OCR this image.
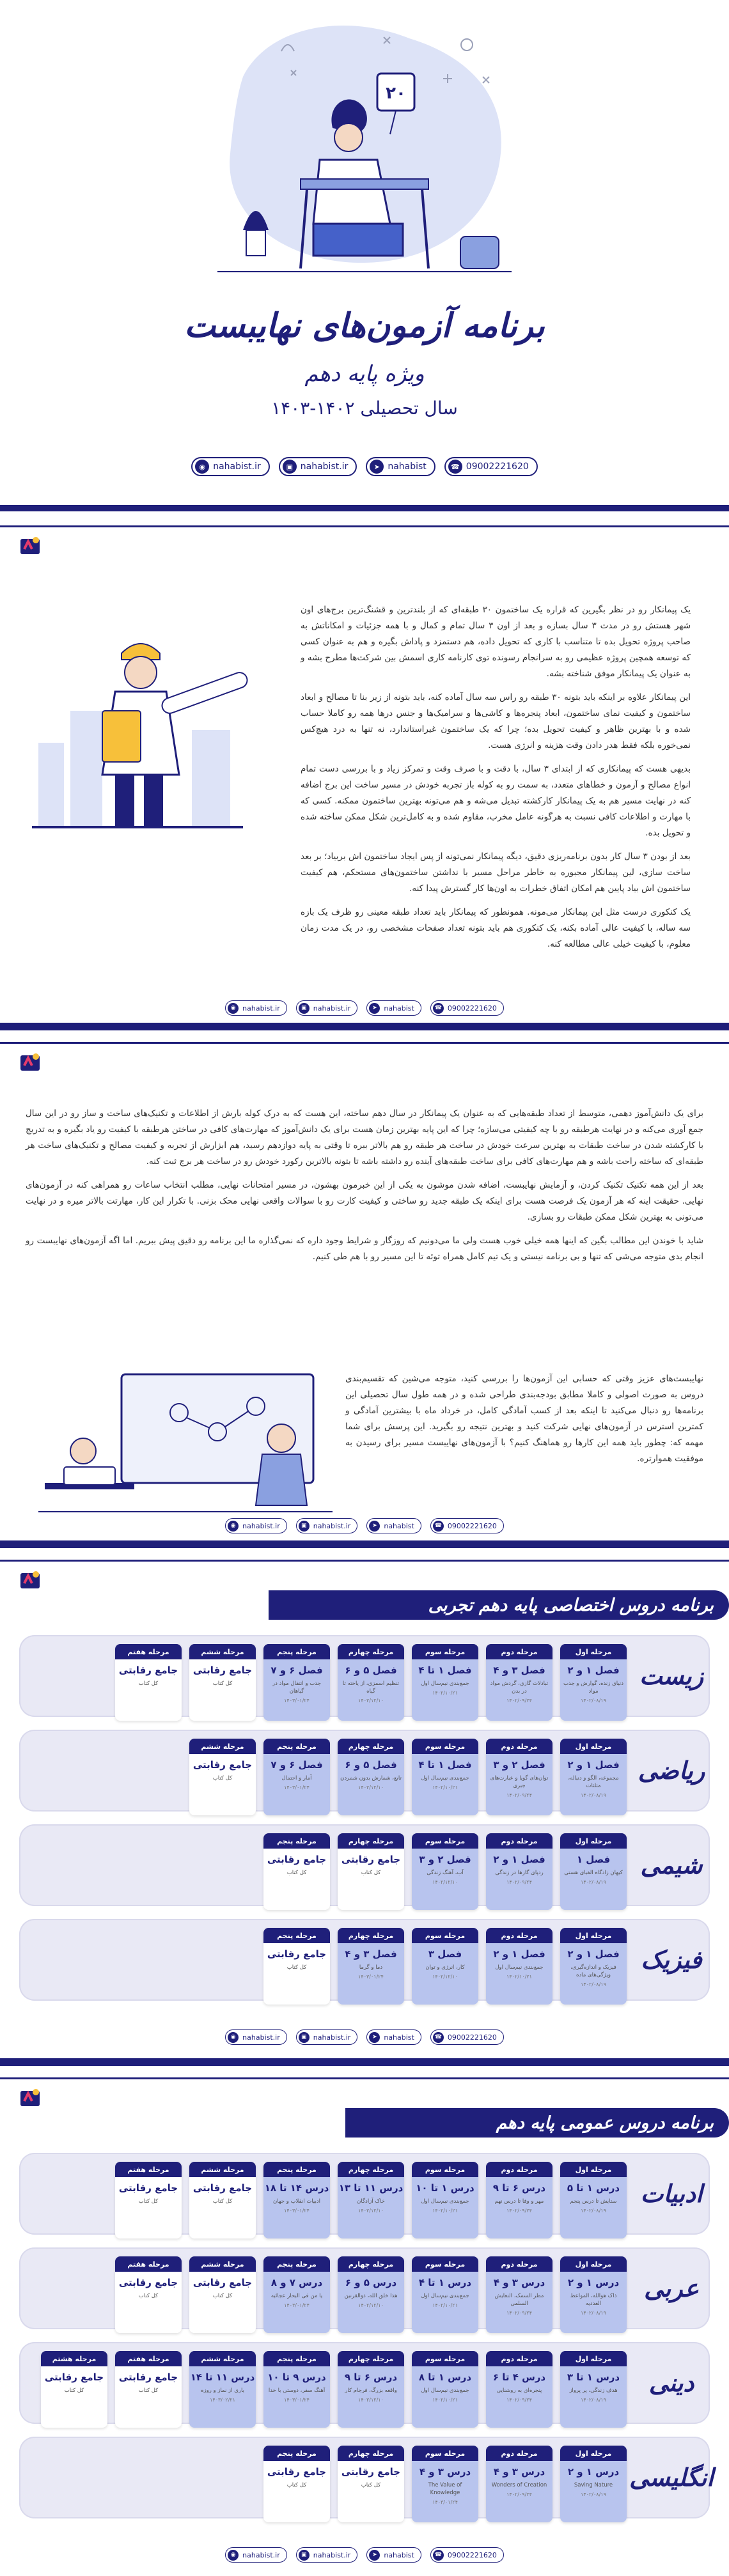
۲۰
برنامه آزمون‌های نهایبست
ویژه پایه دهم
سال تحصیلی ۱۴۰۲-۱۴۰۳
◉ nahabist.ir	▣ nahabist.ir	➤ nahabist	☎ 09002221620

یک پیمانکار رو در نظر بگیرین که قراره یک ساختمون ۳۰ طبقه‌ای که از بلندترین و قشنگ‌ترین برج‌های اون شهر هستش رو در مدت ۳ سال بسازه و بعد از اون ۳ سال تمام و کمال و با همه جزئیات و امکاناتش به صاحب پروژه تحویل بده تا متناسب با کاری که تحویل داده، هم دستمزد و پاداش بگیره و هم به عنوان کسی که توسعه همچین پروژه عظیمی رو به سرانجام رسونده توی کارنامه کاری اسمش بین شرکت‌ها مطرح بشه و به عنوان یک پیمانکار موفق شناخته بشه.

این پیمانکار علاوه بر اینکه باید بتونه ۳۰ طبقه رو راس سه سال آماده کنه، باید بتونه از زیر بنا تا مصالح و ابعاد ساختمون و کیفیت نمای ساختمون، ابعاد پنجره‌ها و کاشی‌ها و سرامیک‌ها و جنس درها همه رو کاملا حساب شده و با بهترین ظاهر و کیفیت تحویل بده؛ چرا که یک ساختمون غیراستاندارد، نه تنها به درد هیچ‌کس نمی‌خوره بلکه فقط هدر دادن وقت هزینه و انرژی هست.

بدیهی هست که پیمانکاری که از ابتدای ۳ سال، با دقت و با صرف وقت و تمرکز زیاد و با بررسی دست تمام انواع مصالح و آزمون و خطاهای متعدد، به سمت رو به کوله باز تجربه خودش در مسیر ساخت این برج اضافه کنه در نهایت مسیر هم به یک پیمانکار کارکشته تبدیل می‌شه و هم می‌تونه بهترین ساختمون ممکنه. کسی که با مهارت و اطلاعات کافی نسبت به هرگونه عامل مخرب، مقاوم شده و به کامل‌ترین شکل ممکن ساخته شده و تحویل بده.

بعد از بودن ۳ سال کار بدون برنامه‌ریزی دقیق، دیگه پیمانکار نمی‌تونه از پس ایجاد ساختمون اش بربیاد؛ بر بعد ساخت سازی، لین پیمانکار مجبوره به خاطر مراحل مسیر با نداشتن ساختمون‌های مستحکم، هم کیفیت ساختمون اش بیاد پایین هم امکان اتفاق خطرات به اون‌ها کار گسترش پیدا کنه.

یک کنکوری درست مثل این پیمانکار می‌مونه. همونطور که پیمانکار باید تعداد طبقه معینی رو ظرف یک بازه سه ساله، با کیفیت عالی آماده بکنه، یک کنکوری هم باید بتونه تعداد صفحات مشخصی رو، در یک مدت زمان معلوم، با کیفیت خیلی عالی مطالعه کنه.

◉ nahabist.ir	▣ nahabist.ir	➤ nahabist	☎ 09002221620

برای یک دانش‌آموز دهمی، متوسط از تعداد طبقه‌هایی که به عنوان یک پیمانکار در سال دهم ساخته، این هست که به درک کوله بارش از اطلاعات و تکنیک‌های ساخت و ساز رو در این سال جمع آوری می‌کنه و در نهایت هرطبقه رو با چه کیفیتی می‌سازه؛ چرا که این پایه بهترین زمان هست برای یک دانش‌آموز که مهارت‌های کافی در ساختن هرطبقه با کیفیت رو یاد بگیره و به تدریج با کارکشته شدن در ساخت طبقات به بهترین سرعت خودش در ساخت هر طبقه رو هم بالاتر ببره تا وقتی به پایه دوازدهم رسید، هم ابزارش از تجربه و کیفیت مصالح و تکنیک‌های ساخت هر طبقه‌ای که ساخته راحت باشه و هم مهارت‌های کافی برای ساخت طبقه‌های آینده رو داشته باشه تا بتونه بالاترین رکورد خودش رو در ساخت هر برج ثبت کنه.

بعد از این همه تکنیک تکنیک کردن، و آزمایش نهایبست، اضافه شدن موشون به یکی از این خبرمون بهشون، در مسیر امتحانات نهایی، مطلب انتخاب ساعات رو همراهی کنه در آزمون‌های نهایی. حقیقت اینه که هر آزمون یک فرصت هست برای اینکه یک طبقه جدید رو ساختی و کیفیت کارت رو با سوالات واقعی نهایی محک بزنی. با تکرار این کار، مهارتت بالاتر میره و در نهایت می‌تونی به بهترین شکل ممکن طبقات رو بسازی.

شاید با خوندن این مطالب بگین که اینها همه خیلی خوب هست ولی ما می‌دونیم که روزگار و شرایط وجود داره که نمی‌گذاره ما این برنامه رو دقیق پیش ببریم. اما اگه آزمون‌های نهایبست رو انجام بدی متوجه می‌شی که تنها و بی برنامه نیستی و یک تیم کامل همراه توئه تا این مسیر رو با هم طی کنیم.

نهایبست‌های عزیز وقتی که حسابی این آزمون‌ها را بررسی کنید، متوجه می‌شین که تقسیم‌بندی دروس به صورت اصولی و کاملا مطابق بودجه‌بندی طراحی شده و در همه طول سال تحصیلی این برنامه‌ها رو دنبال می‌کنید تا اینکه بعد از کسب آمادگی کامل، در خرداد ماه با بیشترین آمادگی و کمترین استرس در آزمون‌های نهایی شرکت کنید و بهترین نتیجه رو بگیرید. این پرسش برای شما مهمه که: چطور باید همه این کارها رو هماهنگ کنیم؟ با آزمون‌های نهایبست مسیر برای رسیدن به موفقیت هموارتره.

◉ nahabist.ir	▣ nahabist.ir	➤ nahabist	☎ 09002221620
برنامه دروس اختصاصی پایه دهم تجربی
زیست
مرحله اول
فصل ۱ و ۲
دنیای زنده، گوارش و جذب مواد
۱۴۰۲/۰۸/۱۹
مرحله دوم
فصل ۳ و ۴
تبادلات گازی، گردش مواد در بدن
۱۴۰۲/۰۹/۲۴
مرحله سوم
فصل ۱ تا ۴
جمع‌بندی نیم‌سال اول
۱۴۰۲/۱۰/۲۱
مرحله چهارم
فصل ۵ و ۶
تنظیم اسمزی، از یاخته تا گیاه
۱۴۰۲/۱۲/۱۰
مرحله پنجم
فصل ۶ و ۷
جذب و انتقال مواد در گیاهان
۱۴۰۳/۰۱/۲۴
مرحله ششم
جامع رقابتی
کل کتاب
مرحله هفتم
جامع رقابتی
کل کتاب
ریاضی
مرحله اول
فصل ۱ و ۲
مجموعه، الگو و دنباله، مثلثات
۱۴۰۲/۰۸/۱۹
مرحله دوم
فصل ۲ و ۳
توان‌های گویا و عبارت‌های جبری
۱۴۰۲/۰۹/۲۴
مرحله سوم
فصل ۱ تا ۴
جمع‌بندی نیم‌سال اول
۱۴۰۲/۱۰/۲۱
مرحله چهارم
فصل ۵ و ۶
تابع، شمارش بدون شمردن
۱۴۰۲/۱۲/۱۰
مرحله پنجم
فصل ۶ و ۷
آمار و احتمال
۱۴۰۳/۰۱/۲۴
مرحله ششم
جامع رقابتی
کل کتاب
شیمی
مرحله اول
فصل ۱
کیهان زادگاه الفبای هستی
۱۴۰۲/۰۸/۱۹
مرحله دوم
فصل ۱ و ۲
ردپای گازها در زندگی
۱۴۰۲/۰۹/۲۴
مرحله سوم
فصل ۲ و ۳
آب، آهنگ زندگی
۱۴۰۲/۱۲/۱۰
مرحله چهارم
جامع رقابتی
کل کتاب
مرحله پنجم
جامع رقابتی
کل کتاب
فیزیک
مرحله اول
فصل ۱ و ۲
فیزیک و اندازه‌گیری، ویژگی‌های ماده
۱۴۰۲/۰۸/۱۹
مرحله دوم
فصل ۱ و ۲
جمع‌بندی نیم‌سال اول
۱۴۰۲/۱۰/۲۱
مرحله سوم
فصل ۳
کار، انرژی و توان
۱۴۰۲/۱۲/۱۰
مرحله چهارم
فصل ۳ و ۴
دما و گرما
۱۴۰۳/۰۱/۲۴
مرحله پنجم
جامع رقابتی
کل کتاب
◉ nahabist.ir	▣ nahabist.ir	➤ nahabist	☎ 09002221620
برنامه دروس عمومی پایه دهم
ادبیات
مرحله اول
درس ۱ تا ۵
ستایش تا درس پنجم
۱۴۰۲/۰۸/۱۹
مرحله دوم
درس ۶ تا ۹
مهر و وفا تا درس نهم
۱۴۰۲/۰۹/۲۴
مرحله سوم
درس ۱ تا ۱۰
جمع‌بندی نیم‌سال اول
۱۴۰۲/۱۰/۲۱
مرحله چهارم
درس ۱۱ تا ۱۳
خاک آزادگان
۱۴۰۲/۱۲/۱۰
مرحله پنجم
درس ۱۴ تا ۱۸
ادبیات انقلاب و جهان
۱۴۰۳/۰۱/۲۴
مرحله ششم
جامع رقابتی
کل کتاب
مرحله هفتم
جامع رقابتی
کل کتاب
عربی
مرحله اول
درس ۱ و ۲
ذاک هوالله، المواعظ العددیه
۱۴۰۲/۰۸/۱۹
مرحله دوم
درس ۳ و ۴
مطر السمک، التعایش السلمی
۱۴۰۲/۰۹/۲۴
مرحله سوم
درس ۱ تا ۴
جمع‌بندی نیم‌سال اول
۱۴۰۲/۱۰/۲۱
مرحله چهارم
درس ۵ و ۶
هذا خلق الله، ذوالقرنین
۱۴۰۲/۱۲/۱۰
مرحله پنجم
درس ۷ و ۸
یا من فی البحار عجائبه
۱۴۰۳/۰۱/۲۴
مرحله ششم
جامع رقابتی
کل کتاب
مرحله هفتم
جامع رقابتی
کل کتاب
دینی
مرحله اول
درس ۱ تا ۳
هدف زندگی، پر پرواز
۱۴۰۲/۰۸/۱۹
مرحله دوم
درس ۴ تا ۶
پنجره‌ای به روشنایی
۱۴۰۲/۰۹/۲۴
مرحله سوم
درس ۱ تا ۸
جمع‌بندی نیم‌سال اول
۱۴۰۲/۱۰/۲۱
مرحله چهارم
درس ۶ تا ۹
واقعه بزرگ، فرجام کار
۱۴۰۲/۱۲/۱۰
مرحله پنجم
درس ۹ تا ۱۰
آهنگ سفر، دوستی با خدا
۱۴۰۳/۰۱/۲۴
مرحله ششم
درس ۱۱ تا ۱۴
یاری از نماز و روزه
۱۴۰۳/۰۲/۲۱
مرحله هفتم
جامع رقابتی
کل کتاب
مرحله هشتم
جامع رقابتی
کل کتاب
انگلیسی
مرحله اول
درس ۱ و ۲
Saving Nature
۱۴۰۲/۰۸/۱۹
مرحله دوم
درس ۳ و ۴
Wonders of Creation
۱۴۰۲/۰۹/۲۴
مرحله سوم
درس ۳ و ۴
The Value of Knowledge
۱۴۰۳/۰۱/۲۴
مرحله چهارم
جامع رقابتی
کل کتاب
مرحله پنجم
جامع رقابتی
کل کتاب
◉ nahabist.ir	▣ nahabist.ir	➤ nahabist	☎ 09002221620
